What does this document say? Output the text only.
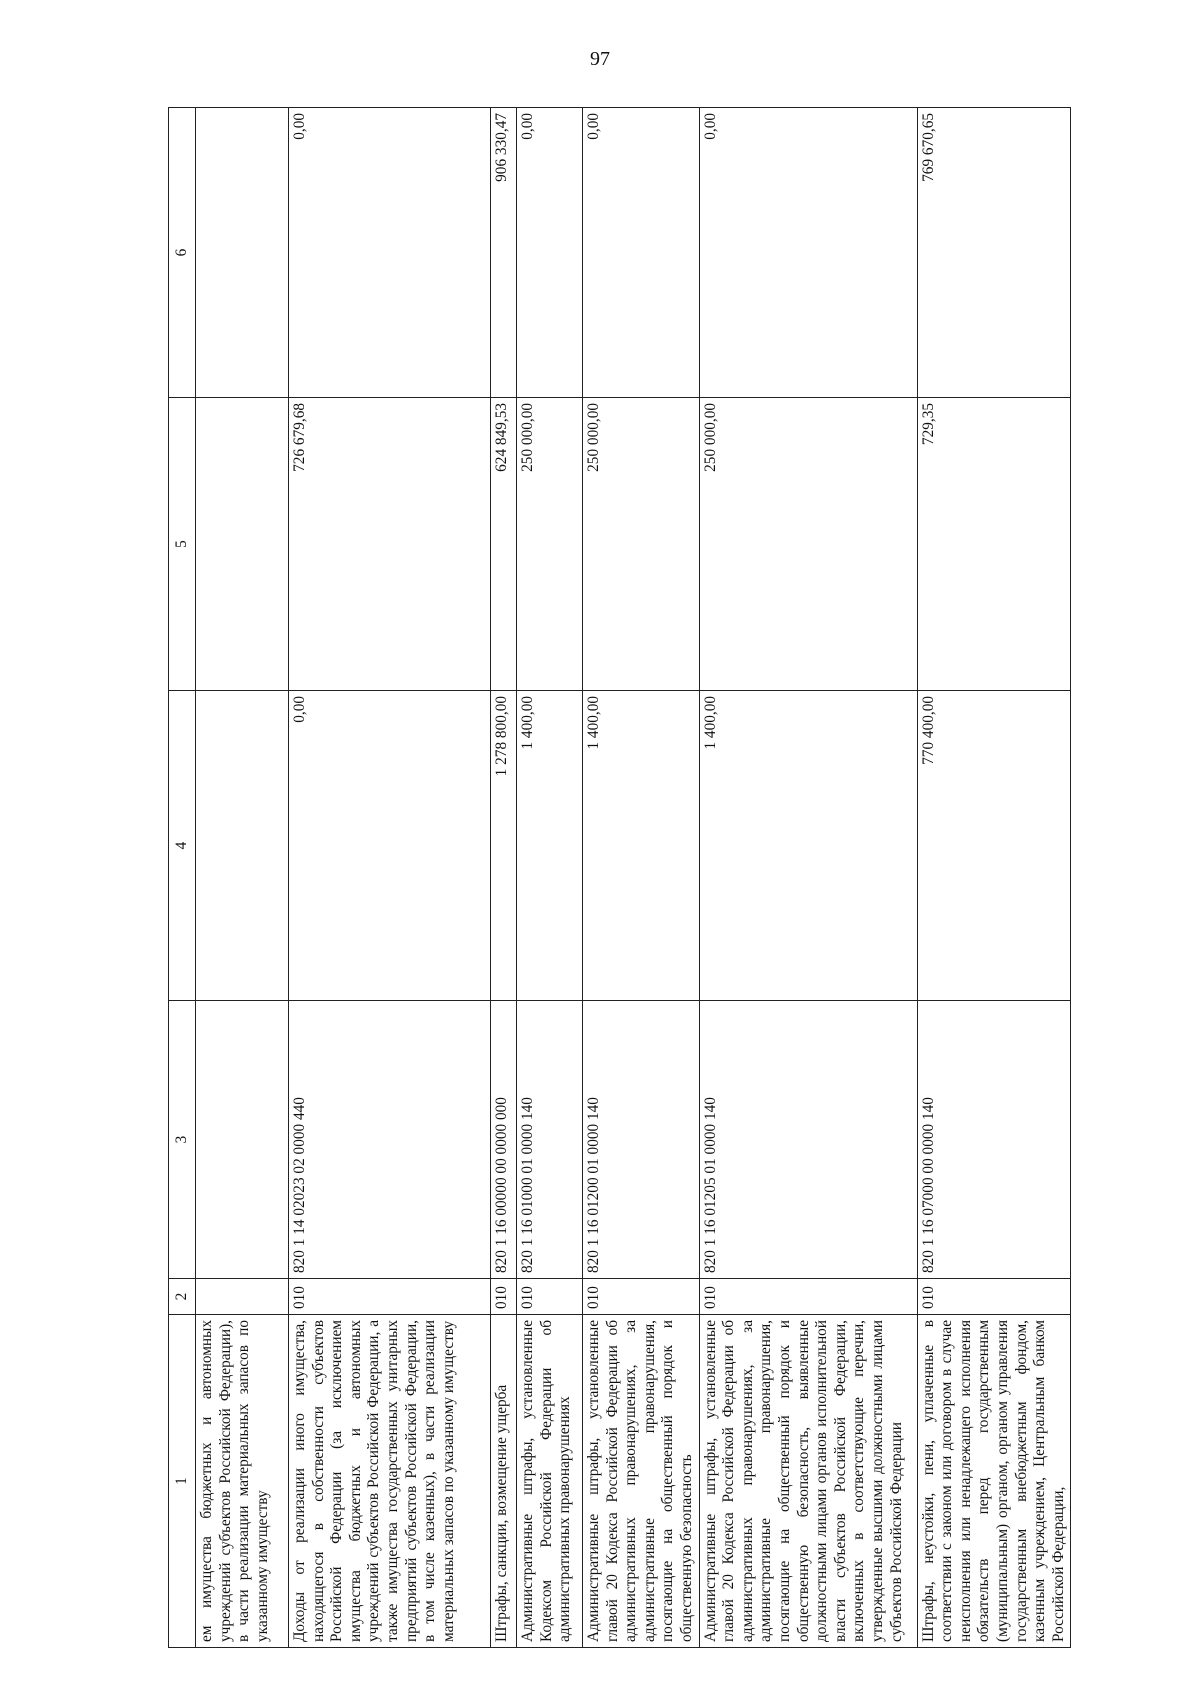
97
1	2	3	4	5	6
ем имущества бюджетных и автономных учреждений субъектов Российской Федерации), в части реализации материальных запасов по указанному имуществу					
Доходы от реализации иного имущества, находящегося в собственности субъектов Российской Федерации (за исключением имущества бюджетных и автономных учреждений субъектов Российской Федерации, а также имущества государственных унитарных предприятий субъектов Российской Федерации, в том числе казенных), в части реализации материальных запасов по указанному имуществу	010	820 1 14 02023 02 0000 440	0,00	726 679,68	0,00
Штрафы, санкции, возмещение ущерба	010	820 1 16 00000 00 0000 000	1 278 800,00	624 849,53	906 330,47
Административные штрафы, установленные Кодексом Российской Федерации об административных правонарушениях	010	820 1 16 01000 01 0000 140	1 400,00	250 000,00	0,00
Административные штрафы, установленные главой 20 Кодекса Российской Федерации об административных правонарушениях, за административные правонарушения, посягающие на общественный порядок и общественную безопасность	010	820 1 16 01200 01 0000 140	1 400,00	250 000,00	0,00
Административные штрафы, установленные главой 20 Кодекса Российской Федерации об административных правонарушениях, за административные правонарушения, посягающие на общественный порядок и общественную безопасность, выявленные должностными лицами органов исполнительной власти субъектов Российской Федерации, включенных в соответствующие перечни, утвержденные высшими должностными лицами субъектов Российской Федерации	010	820 1 16 01205 01 0000 140	1 400,00	250 000,00	0,00
Штрафы, неустойки, пени, уплаченные в соответствии с законом или договором в случае неисполнения или ненадлежащего исполнения обязательств перед государственным (муниципальным) органом, органом управления государственным внебюджетным фондом, казенным учреждением, Центральным банком Российской Федерации,	010	820 1 16 07000 00 0000 140	770 400,00	729,35	769 670,65
